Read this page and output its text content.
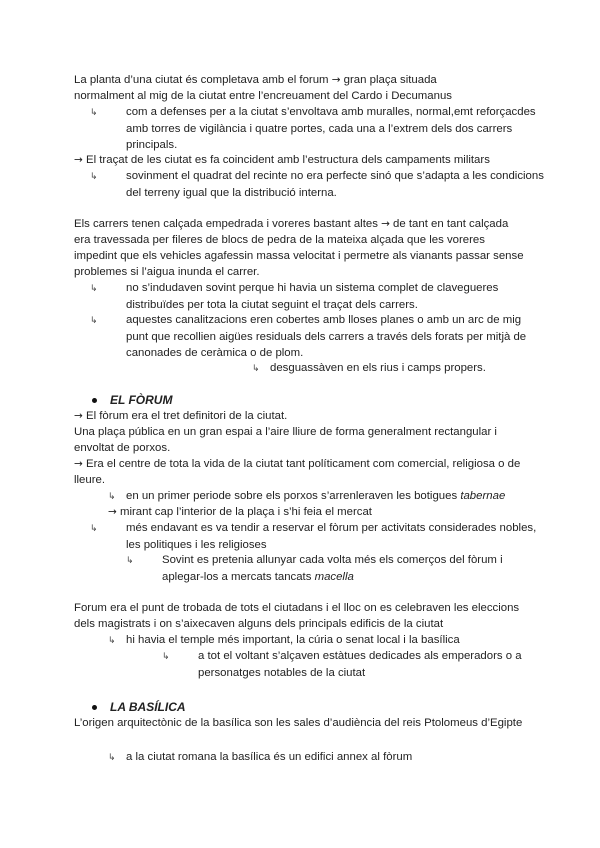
La planta d’una ciutat és completava amb el forum → gran plaça situada
normalment al mig de la ciutat entre l’encreuament del Cardo i Decumanus
↳ com a defenses per a la ciutat s’envoltava amb muralles, normal,emt reforçacdes amb torres de vigilància i quatre portes, cada una a l’extrem dels dos carrers principals.
→ El traçat de les ciutat es fa coincident amb l’estructura dels campaments militars
↳ sovinment el quadrat del recinte no era perfecte sinó que s’adapta a les condicions del terreny igual que la distribució interna.
Els carrers tenen calçada empedrada i voreres bastant altes → de tant en tant calçada era travessada per fileres de blocs de pedra de la mateixa alçada que les voreres impedint que els vehicles agafessin massa velocitat i permetre als vianants passar sense problemes si l’aigua inunda el carrer.
↳ no s’indudaven sovint perque hi havia un sistema complet de clavegueres distribuïdes per tota la ciutat seguint el traçat dels carrers.
↳ aquestes canalitzacions eren cobertes amb lloses planes o amb un arc de mig punt que recollien aigües residuals dels carrers a través dels forats per mitjà de canonades de ceràmica o de plom.
↳ desguassàven en els rius i camps propers.
EL FÒRUM
→ El fòrum era el tret definitori de la ciutat.
Una plaça pública en un gran espai a l’aire lliure de forma generalment rectangular i envoltat de porxos.
→ Era el centre de tota la vida de la ciutat tant políticament com comercial, religiosa o de lleure.
↳ en un primer periode sobre els porxos s’arrenleraven les botigues tabernae
→ mirant cap l’interior de la plaça i s’hi feia el mercat
↳ més endavant es va tendir a reservar el fòrum per activitats considerades nobles, les politiques i les religioses
↳ Sovint es pretenia allunyar cada volta més els comerços del fòrum i aplegar-los a mercats tancats macella
Forum era el punt de trobada de tots el ciutadans i el lloc on es celebraven les eleccions dels magistrats i on s’aixecaven alguns dels principals edificis de la ciutat
↳ hi havia el temple més important, la cúria o senat local i la basílica
↳ a tot el voltant s’alçaven estàtues dedicades als emperadors o a personatges notables de la ciutat
LA BASÍLICA
L’origen arquitectònic de la basílica son les sales d’audiència del reis Ptolomeus d’Egipte
↳ a la ciutat romana la basílica és un edifici annex al fòrum
